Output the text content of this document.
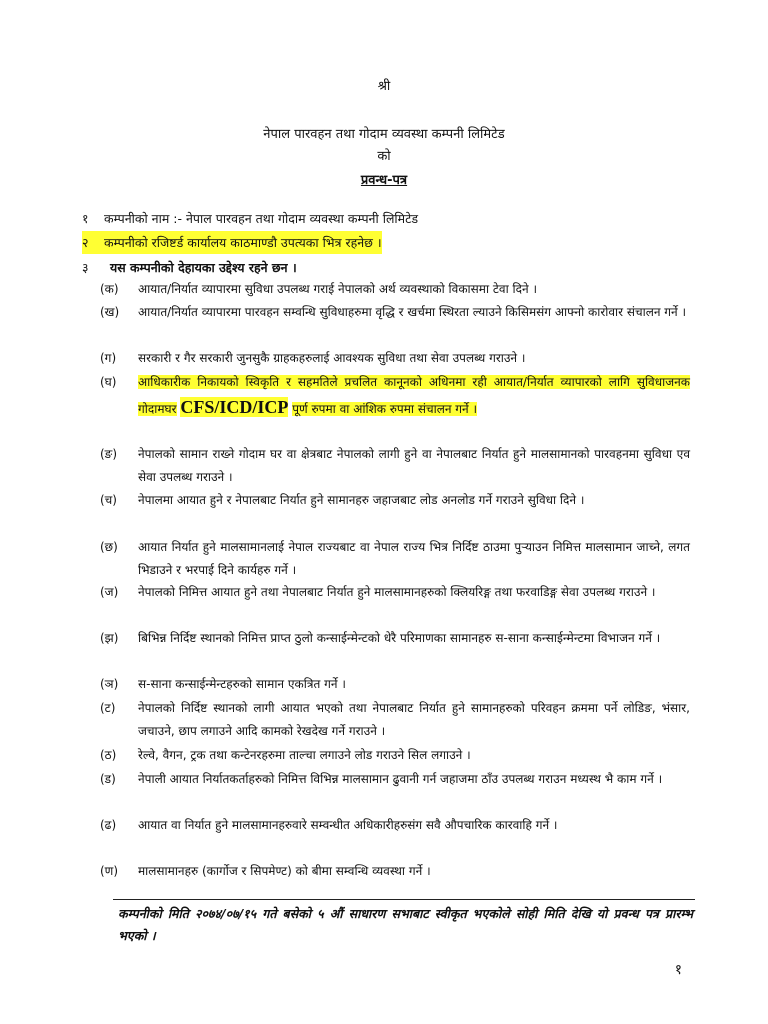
श्री
नेपाल पारवहन तथा गोदाम व्यवस्था कम्पनी लिमिटेड
को
प्रवन्ध-पत्र
१	कम्पनीको नाम :- नेपाल पारवहन तथा गोदाम व्यवस्था कम्पनी लिमिटेड
२	कम्पनीको रजिष्टर्ड कार्यालय काठमाण्डौ उपत्यका भित्र रहनेछ ।
३	यस कम्पनीको देहायका उद्देश्य रहने छन ।
(क)	आयात/निर्यात व्यापारमा सुविधा उपलब्ध गराई नेपालको अर्थ व्यवस्थाको विकासमा टेवा दिने ।
(ख)	आयात/निर्यात व्यापारमा पारवहन सम्वन्धि सुविधाहरुमा वृद्धि र खर्चमा स्थिरता ल्याउने किसिमसंग आफ्नो कारोवार संचालन गर्ने ।
(ग)	सरकारी र गैर सरकारी जुनसुकै ग्राहकहरुलाई आवश्यक सुविधा तथा सेवा उपलब्ध गराउने ।
(घ)	आधिकारीक निकायको स्विकृति र सहमतिले प्रचलित कानूनको अधिनमा रही आयात/निर्यात व्यापारको लागि सुविधाजनक गोदामघर CFS/ICD/ICP पूर्ण रुपमा वा आंशिक रुपमा संचालन गर्ने ।
(ङ)	नेपालको सामान राख्ने गोदाम घर वा क्षेत्रबाट नेपालको लागी हुने वा नेपालबाट निर्यात हुने मालसामानको पारवहनमा सुविधा एव सेवा उपलब्ध गराउने ।
(च)	नेपालमा आयात हुने र नेपालबाट निर्यात हुने सामानहरु जहाजबाट लोड अनलोड गर्ने गराउने सुविधा दिने ।
(छ)	आयात निर्यात हुने मालसामानलाई नेपाल राज्यबाट वा नेपाल राज्य भित्र निर्दिष्ट ठाउमा पुऱ्याउन निमित्त मालसामान जाच्ने, लगत भिडाउने र भरपाई दिने कार्यहरु गर्ने ।
(ज)	नेपालको निमित्त आयात हुने तथा नेपालबाट निर्यात हुने मालसामानहरुको क्लियरिङ्ग तथा फरवाडिङ्ग सेवा उपलब्ध गराउने ।
(झ)	बिभिन्न निर्दिष्ट स्थानको निमित्त प्राप्त ठुलो कन्साईन्मेन्टको धेरै परिमाणका सामानहरु स-साना कन्साईन्मेन्टमा विभाजन गर्ने ।
(ञ)	स-साना कन्साईन्मेन्टहरुको सामान एकत्रित गर्ने ।
(ट)	नेपालको निर्दिष्ट स्थानको लागी आयात भएको तथा नेपालबाट निर्यात हुने सामानहरुको परिवहन क्रममा पर्ने लोडिङ, भंसार, जचाउने, छाप लगाउने आदि कामको रेखदेख गर्ने गराउने ।
(ठ)	रेल्वे, वैगन, ट्रक तथा कन्टेनरहरुमा ताल्चा लगाउने लोड गराउने सिल लगाउने ।
(ड)	नेपाली आयात निर्यातकर्ताहरुको निमित्त विभिन्न मालसामान ढुवानी गर्न जहाजमा ठाँउ उपलब्ध गराउन मध्यस्थ भै काम गर्ने ।
(ढ)	आयात वा निर्यात हुने मालसामानहरुवारे सम्वन्धीत अधिकारीहरुसंग सवै औपचारिक कारवाहि गर्ने ।
(ण)	मालसामानहरु (कार्गोज र सिपमेण्ट) को बीमा सम्वन्धि व्यवस्था गर्ने ।
कम्पनीको मिति २०७४/०७/१५ गते बसेको ५ औं साधारण सभाबाट स्वीकृत भएकोले सोही मिति देखि यो प्रवन्ध पत्र प्रारम्भ भएको ।
१
